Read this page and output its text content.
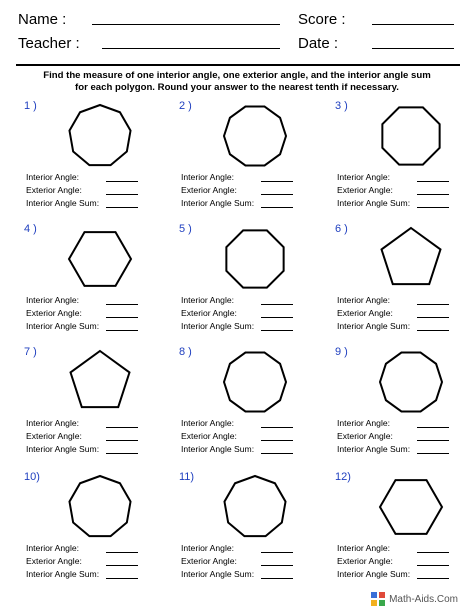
Name :	Score :
Teacher :	Date :
Find the measure of one interior angle, one exterior angle, and the interior angle sum
for each polygon. Round your answer to the nearest tenth if necessary.
1 )
Interior Angle:
Exterior Angle:
Interior Angle Sum:
2 )
Interior Angle:
Exterior Angle:
Interior Angle Sum:
3 )
Interior Angle:
Exterior Angle:
Interior Angle Sum:
4 )
Interior Angle:
Exterior Angle:
Interior Angle Sum:
5 )
Interior Angle:
Exterior Angle:
Interior Angle Sum:
6 )
Interior Angle:
Exterior Angle:
Interior Angle Sum:
7 )
Interior Angle:
Exterior Angle:
Interior Angle Sum:
8 )
Interior Angle:
Exterior Angle:
Interior Angle Sum:
9 )
Interior Angle:
Exterior Angle:
Interior Angle Sum:
10)
Interior Angle:
Exterior Angle:
Interior Angle Sum:
11)
Interior Angle:
Exterior Angle:
Interior Angle Sum:
12)
Interior Angle:
Exterior Angle:
Interior Angle Sum:
Math-Aids.Com
